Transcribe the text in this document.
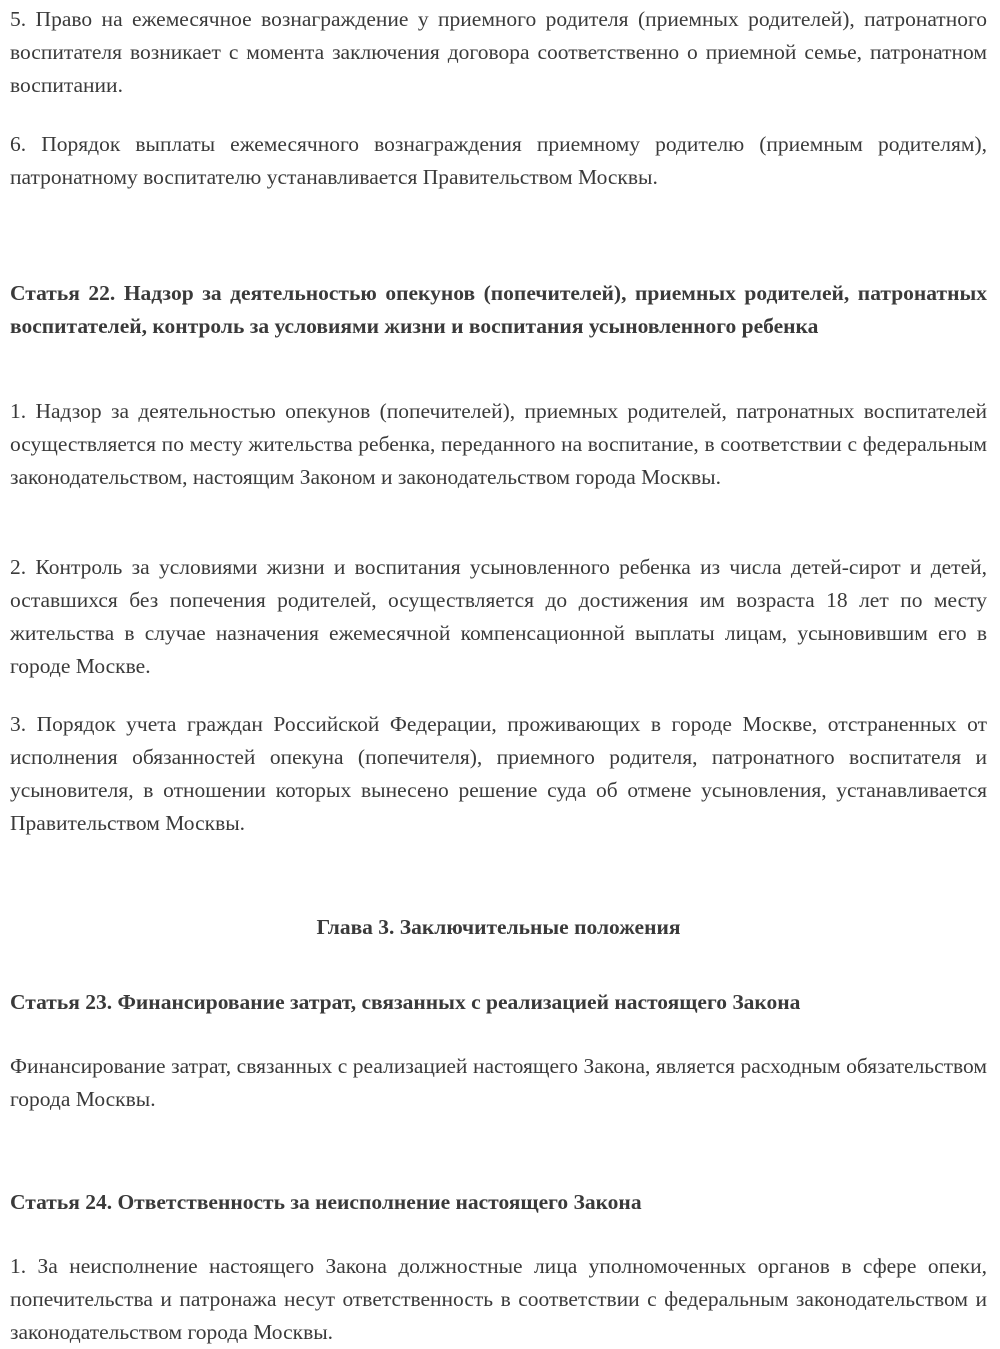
5. Право на ежемесячное вознаграждение у приемного родителя (приемных родителей), патронатного воспитателя возникает с момента заключения договора соответственно о приемной семье, патронатном воспитании.

6. Порядок выплаты ежемесячного вознаграждения приемному родителю (приемным родителям), патронатному воспитателю устанавливается Правительством Москвы.

Статья 22. Надзор за деятельностью опекунов (попечителей), приемных родителей, патронатных воспитателей, контроль за условиями жизни и воспитания усыновленного ребенка

1. Надзор за деятельностью опекунов (попечителей), приемных родителей, патронатных воспитателей осуществляется по месту жительства ребенка, переданного на воспитание, в соответствии с федеральным законодательством, настоящим Законом и законодательством города Москвы.

2. Контроль за условиями жизни и воспитания усыновленного ребенка из числа детей-сирот и детей, оставшихся без попечения родителей, осуществляется до достижения им возраста 18 лет по месту жительства в случае назначения ежемесячной компенсационной выплаты лицам, усыновившим его в городе Москве.

3. Порядок учета граждан Российской Федерации, проживающих в городе Москве, отстраненных от исполнения обязанностей опекуна (попечителя), приемного родителя, патронатного воспитателя и усыновителя, в отношении которых вынесено решение суда об отмене усыновления, устанавливается Правительством Москвы.

Глава 3. Заключительные положения

Статья 23. Финансирование затрат, связанных с реализацией настоящего Закона

Финансирование затрат, связанных с реализацией настоящего Закона, является расходным обязательством города Москвы.

Статья 24. Ответственность за неисполнение настоящего Закона

1. За неисполнение настоящего Закона должностные лица уполномоченных органов в сфере опеки, попечительства и патронажа несут ответственность в соответствии с федеральным законодательством и законодательством города Москвы.
